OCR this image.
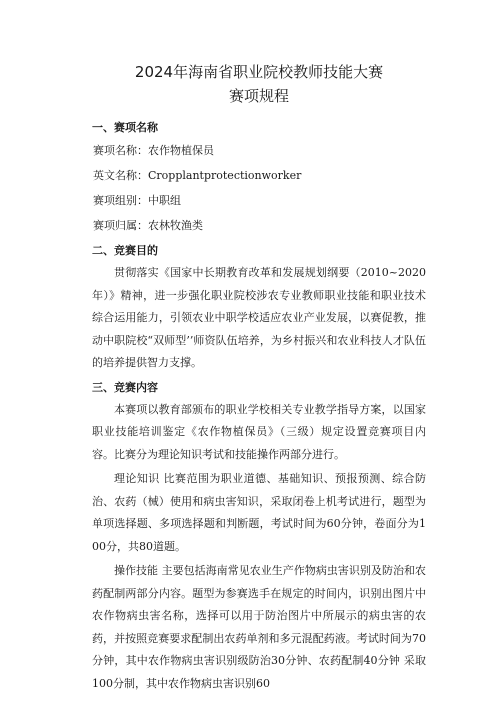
2024年海南省职业院校教师技能大赛
赛项规程
一、赛项名称

赛项名称：农作物植保员

英文名称：Cropplantprotectionworker

赛项组别：中职组

赛项归属：农林牧渔类

二、竞赛目的

贯彻落实《国家中长期教育改革和发展规划纲要（2010~2020年）》精神，进一步强化职业院校涉农专业教师职业技能和职业技术综合运用能力，引领农业中职学校适应农业产业发展，以赛促教，推动中职院校“双师型’’师资队伍培养，为乡村振兴和农业科技人才队伍的培养提供智力支撑。

三、竞赛内容

本赛项以教育部颁布的职业学校相关专业教学指导方案，以国家职业技能培训鉴定《农作物植保员》（三级）规定设置竞赛项目内容。比赛分为理论知识考试和技能操作两部分进行。

理论知识 比赛范围为职业道德、基础知识、预报预测、综合防治、农药（械）使用和病虫害知识，采取闭卷上机考试进行，题型为单项选择题、多项选择题和判断题，考试时间为60分钟，卷面分为100分，共80道题。

操作技能 主要包括海南常见农业生产作物病虫害识别及防治和农药配制两部分内容。题型为参赛选手在规定的时间内，识别出图片中农作物病虫害名称，选择可以用于防治图片中所展示的病虫害的农药，并按照竞赛要求配制出农药单剂和多元混配药液。考试时间为70分钟，其中农作物病虫害识别级防治30分钟、农药配制40分钟 采取100分制，其中农作物病虫害识别60
